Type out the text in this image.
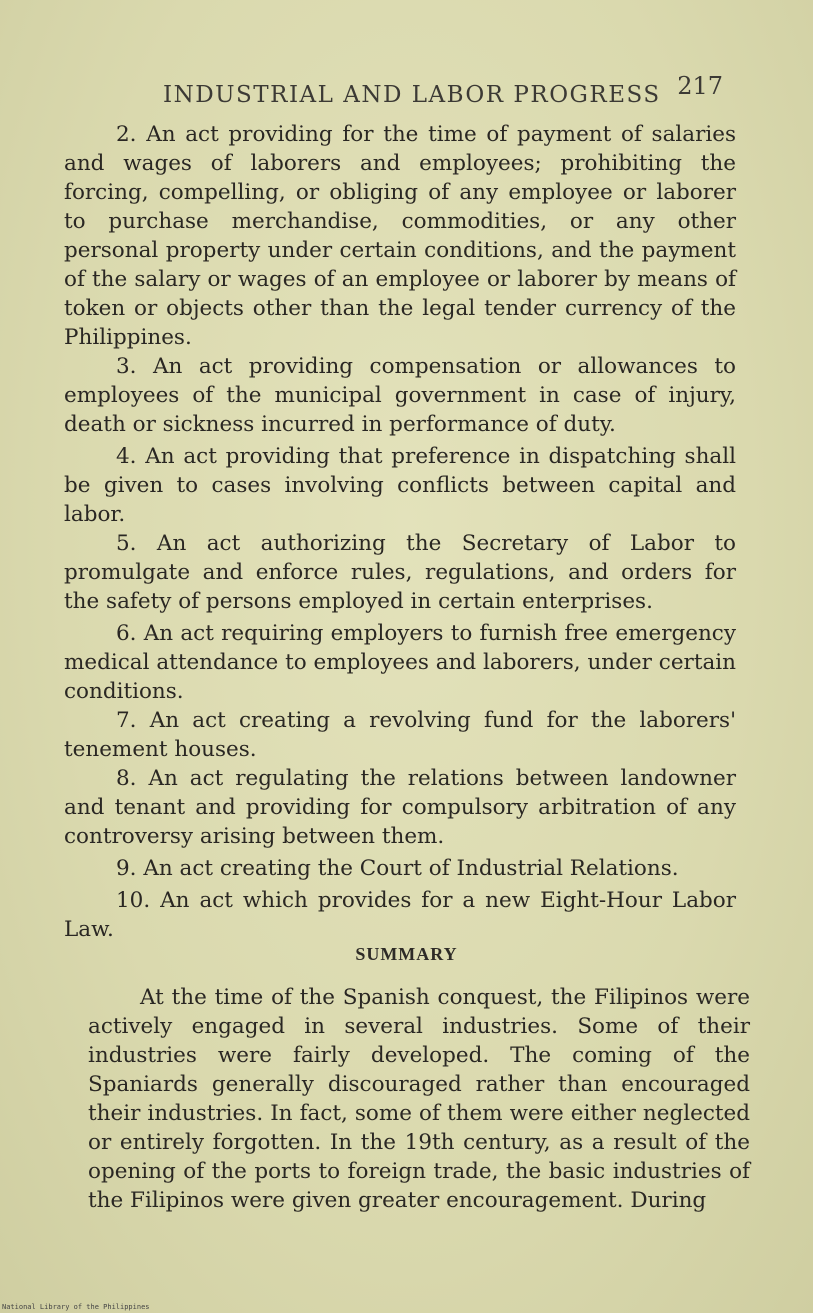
INDUSTRIAL AND LABOR PROGRESS 217

2. An act providing for the time of payment of salaries and wages of laborers and employees; prohibiting the forcing, compelling, or obliging of any employee or laborer to purchase merchandise, commodities, or any other personal property under certain conditions, and the payment of the salary or wages of an employee or laborer by means of token or objects other than the legal tender currency of the Philippines.

3. An act providing compensation or allowances to employees of the municipal government in case of injury, death or sickness incurred in performance of duty.

4. An act providing that preference in dispatching shall be given to cases involving conflicts between capital and labor.

5. An act authorizing the Secretary of Labor to promulgate and enforce rules, regulations, and orders for the safety of persons employed in certain enterprises.

6. An act requiring employers to furnish free emergency medical attendance to employees and laborers, under certain conditions.

7. An act creating a revolving fund for the laborers' tenement houses.

8. An act regulating the relations between landowner and tenant and providing for compulsory arbitration of any controversy arising between them.

9. An act creating the Court of Industrial Relations.

10. An act which provides for a new Eight-Hour Labor Law.

SUMMARY

At the time of the Spanish conquest, the Filipinos were actively engaged in several industries. Some of their industries were fairly developed. The coming of the Spaniards generally discouraged rather than encouraged their industries. In fact, some of them were either neglected or entirely forgotten. In the 19th century, as a result of the opening of the ports to foreign trade, the basic industries of the Filipinos were given greater encouragement. During

National Library of the Philippines
